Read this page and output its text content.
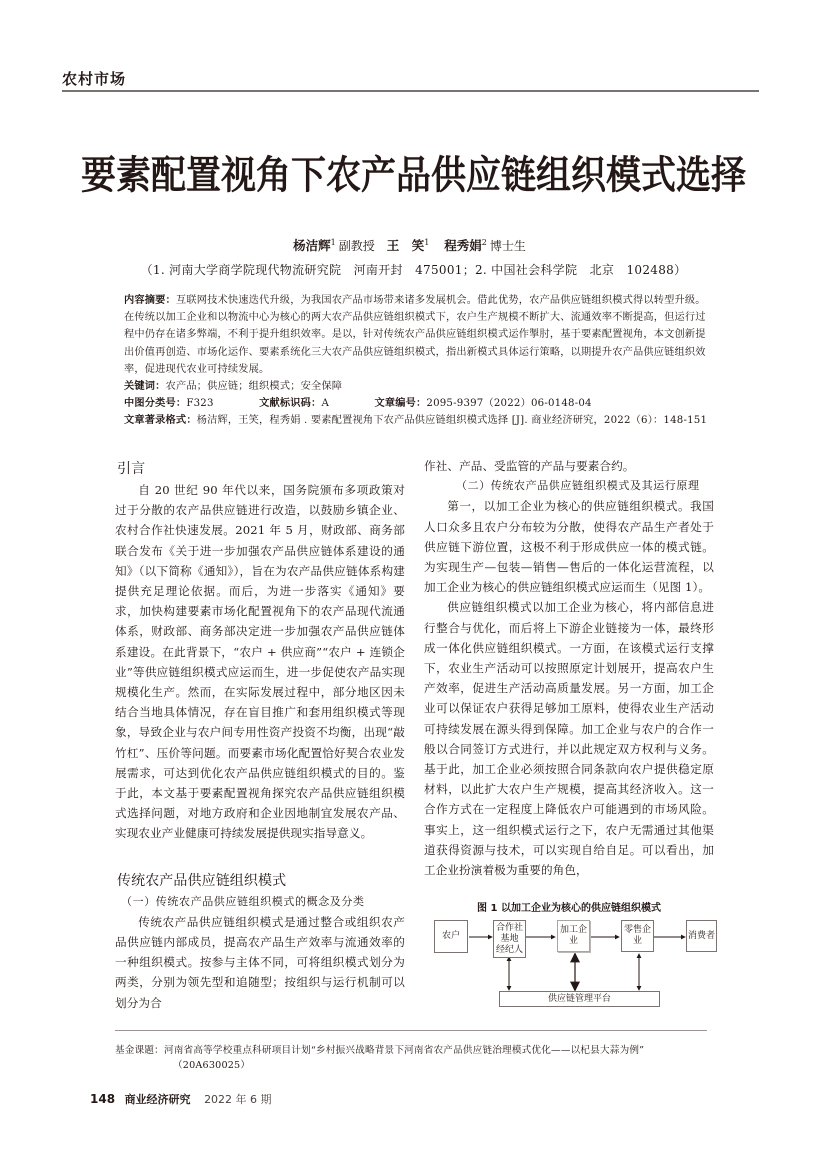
农村市场
要素配置视角下农产品供应链组织模式选择
杨洁辉$^1$ 副教授 王　笑$^1$ 程秀娟$^2$ 博士生
（1. 河南大学商学院现代物流研究院　河南开封　475001；2. 中国社会科学院　北京　102488）
内容摘要：互联网技术快速迭代升级，为我国农产品市场带来诸多发展机会。借此优势，农产品供应链组织模式得以转型升级。在传统以加工企业和以物流中心为核心的两大农产品供应链组织模式下，农户生产规模不断扩大、流通效率不断提高，但运行过程中仍存在诸多弊端，不利于提升组织效率。是以，针对传统农产品供应链组织模式运作掣肘，基于要素配置视角，本文创新提出价值再创造、市场化运作、要素系统化三大农产品供应链组织模式，指出新模式具体运行策略，以期提升农产品供应链组织效率，促进现代农业可持续发展。
关键词：农产品；供应链；组织模式；安全保障
中图分类号：F323	文献标识码：A	文章编号：2095-9397（2022）06-0148-04
文章著录格式：杨洁辉，王笑，程秀娟 . 要素配置视角下农产品供应链组织模式选择 [J]. 商业经济研究，2022（6）：148-151
引言

自 20 世纪 90 年代以来，国务院颁布多项政策对过于分散的农产品供应链进行改造，以鼓励乡镇企业、农村合作社快速发展。2021 年 5 月，财政部、商务部联合发布《关于进一步加强农产品供应链体系建设的通知》（以下简称《通知》），旨在为农产品供应链体系构建提供充足理论依据。而后，为进一步落实《通知》要求，加快构建要素市场化配置视角下的农产品现代流通体系，财政部、商务部决定进一步加强农产品供应链体系建设。在此背景下，“农户 + 供应商”“农户 + 连锁企业”等供应链组织模式应运而生，进一步促使农产品实现规模化生产。然而，在实际发展过程中，部分地区因未结合当地具体情况，存在盲目推广和套用组织模式等现象，导致企业与农户间专用性资产投资不均衡，出现“敲竹杠”、压价等问题。而要素市场化配置恰好契合农业发展需求，可达到优化农产品供应链组织模式的目的。鉴于此，本文基于要素配置视角探究农产品供应链组织模式选择问题，对地方政府和企业因地制宜发展农产品、实现农业产业健康可持续发展提供现实指导意义。

传统农产品供应链组织模式

（一）传统农产品供应链组织模式的概念及分类

传统农产品供应链组织模式是通过整合或组织农产品供应链内部成员，提高农产品生产效率与流通效率的一种组织模式。按参与主体不同，可将组织模式划分为两类，分别为领先型和追随型；按组织与运行机制可以划分为合

作社、产品、受监管的产品与要素合约。

（二）传统农产品供应链组织模式及其运行原理

第一，以加工企业为核心的供应链组织模式。我国人口众多且农户分布较为分散，使得农产品生产者处于供应链下游位置，这极不利于形成供应一体的模式链。为实现生产—包装—销售—售后的一体化运营流程，以加工企业为核心的供应链组织模式应运而生（见图 1）。

供应链组织模式以加工企业为核心，将内部信息进行整合与优化，而后将上下游企业链接为一体，最终形成一体化供应链组织模式。一方面，在该模式运行支撑下，农业生产活动可以按照原定计划展开，提高农户生产效率，促进生产活动高质量发展。另一方面，加工企业可以保证农户获得足够加工原料，使得农业生产活动可持续发展在源头得到保障。加工企业与农户的合作一般以合同签订方式进行，并以此规定双方权利与义务。基于此，加工企业必须按照合同条款向农户提供稳定原材料，以此扩大农户生产规模，提高其经济收入。这一合作方式在一定程度上降低农户可能遇到的市场风险。事实上，这一组织模式运行之下，农户无需通过其他渠道获得资源与技术，可以实现自给自足。可以看出，加工企业扮演着极为重要的角色，

图 1 以加工企业为核心的供应链组织模式
农户
合作社
基地
经纪人
加工企
业
零售企
业
消费者
供应链管理平台
基金课题：河南省高等学校重点科研项目计划“乡村振兴战略背景下河南省农产品供应链治理模式优化——以杞县大蒜为例”
（20A630025）
148 商业经济研究 2022 年 6 期
